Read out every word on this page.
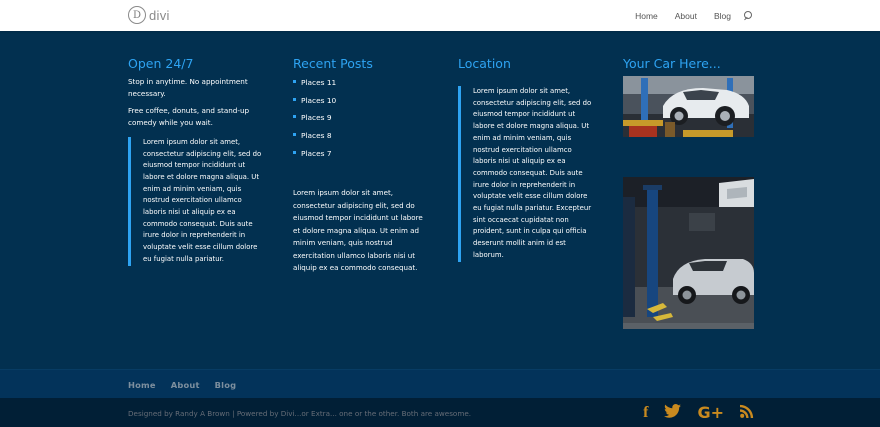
D divi	Home About Blog
Open 24/7

Stop in anytime. No appointment necessary.

Free coffee, donuts, and stand-up comedy while you wait.

Lorem ipsum dolor sit amet, consectetur adipiscing elit, sed do eiusmod tempor incididunt ut labore et dolore magna aliqua. Ut enim ad minim veniam, quis nostrud exercitation ullamco laboris nisi ut aliquip ex ea commodo consequat. Duis aute irure dolor in reprehenderit in voluptate velit esse cillum dolore eu fugiat nulla pariatur.

Recent Posts
Places 11
Places 10
Places 9
Places 8
Places 7

Lorem ipsum dolor sit amet, consectetur adipiscing elit, sed do eiusmod tempor incididunt ut labore et dolore magna aliqua. Ut enim ad minim veniam, quis nostrud exercitation ullamco laboris nisi ut aliquip ex ea commodo consequat.

Location

Lorem ipsum dolor sit amet, consectetur adipiscing elit, sed do eiusmod tempor incididunt ut labore et dolore magna aliqua. Ut enim ad minim veniam, quis nostrud exercitation ullamco laboris nisi ut aliquip ex ea commodo consequat. Duis aute irure dolor in reprehenderit in voluptate velit esse cillum dolore eu fugiat nulla pariatur. Excepteur sint occaecat cupidatat non proident, sunt in culpa qui officia deserunt mollit anim id est laborum.

Your Car Here...
Home About Blog
Designed by Randy A Brown | Powered by Divi...or Extra... one or the other. Both are awesome.	f	G+
